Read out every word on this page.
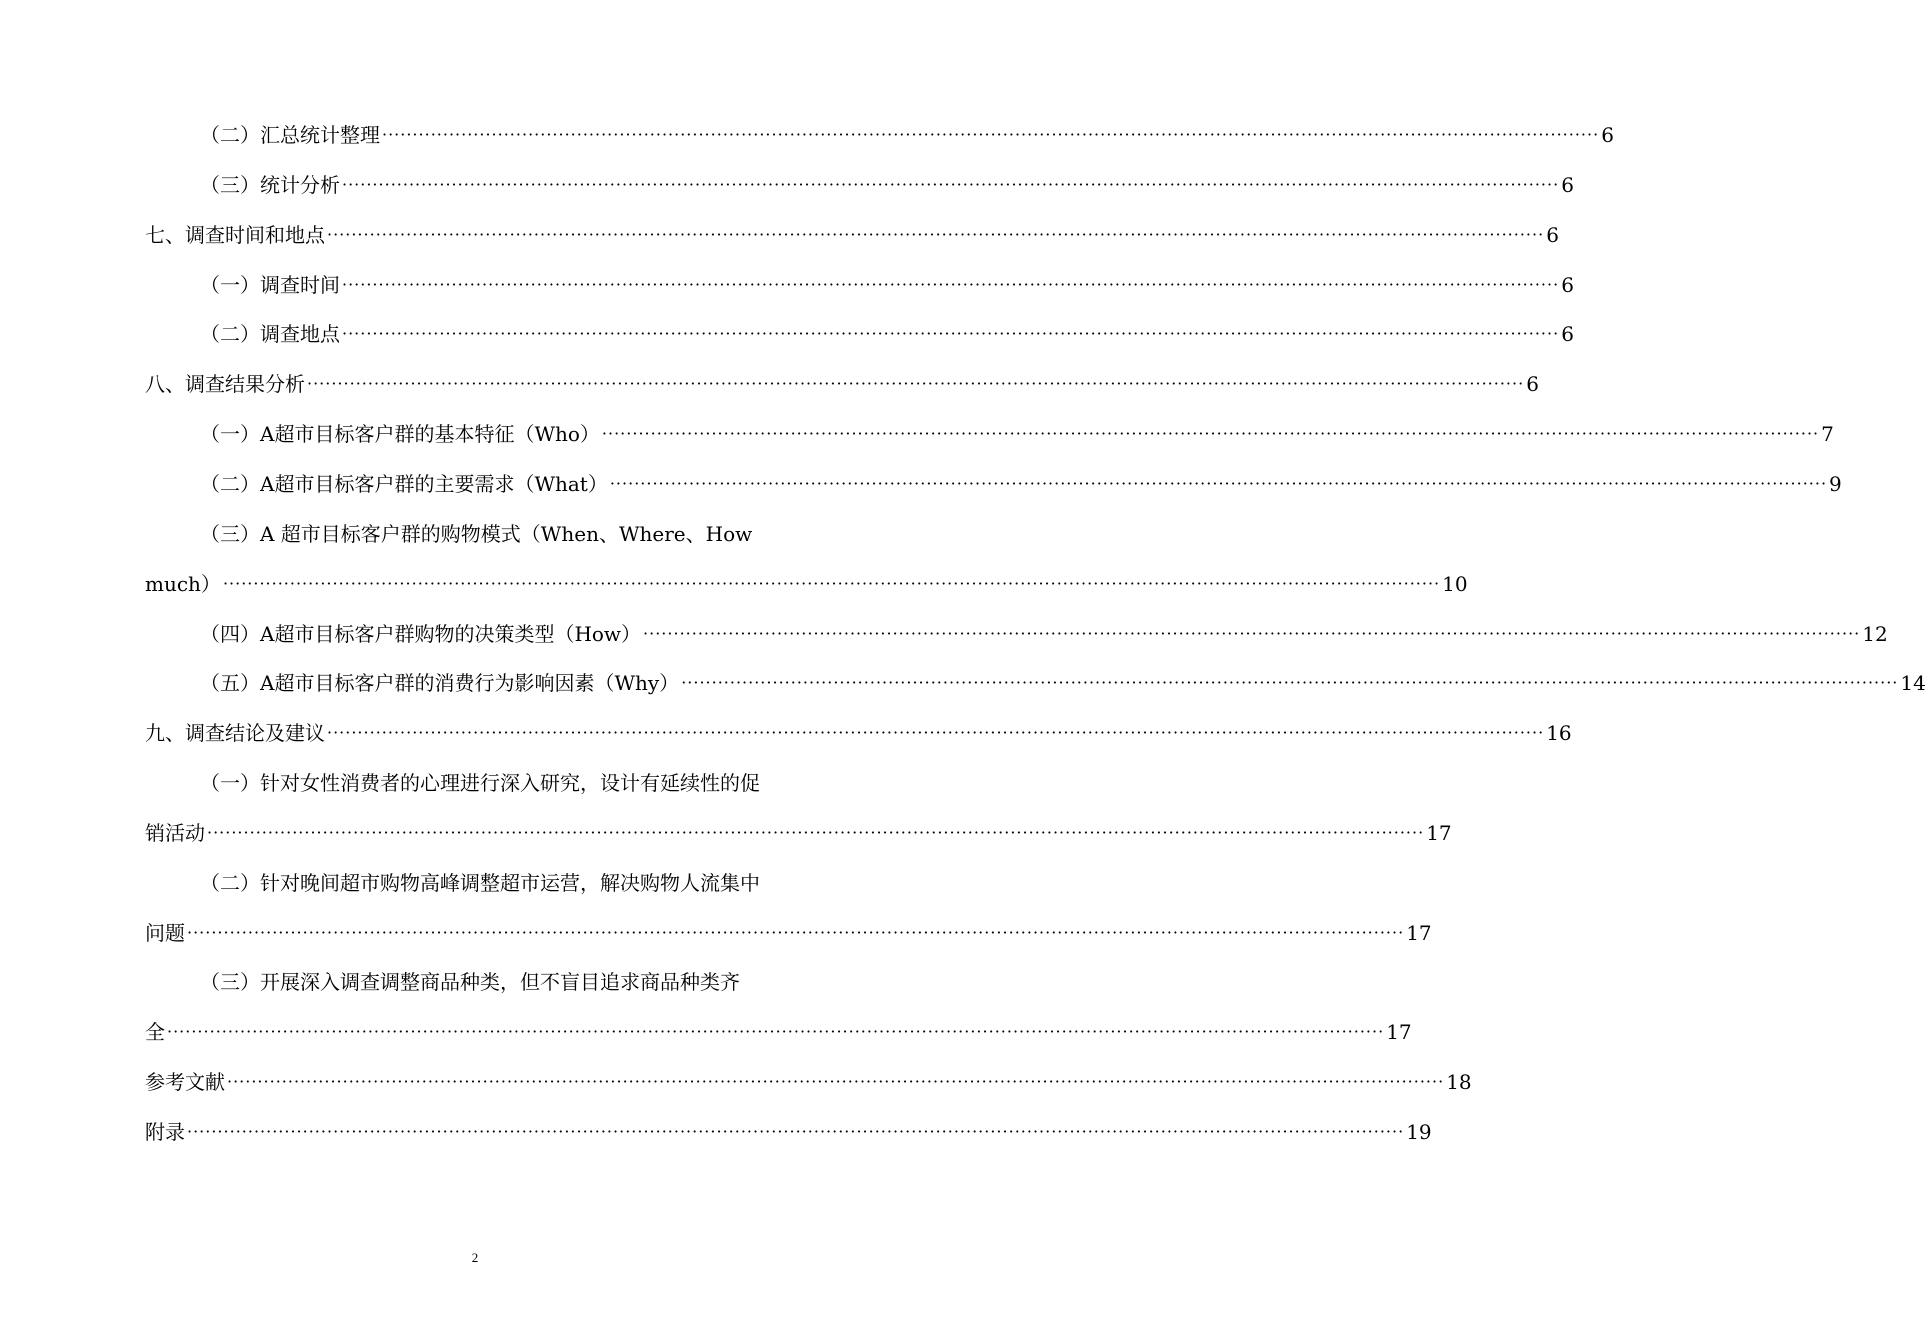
（二）汇总统计整理 ········································································································································································································ 6
（三）统计分析 ········································································································································································································ 6
七、调查时间和地点 ········································································································································································································ 6
（一）调查时间 ········································································································································································································ 6
（二）调查地点 ········································································································································································································ 6
八、调查结果分析 ········································································································································································································ 6
（一）A超市目标客户群的基本特征（Who） ········································································································································································································ 7
（二）A超市目标客户群的主要需求（What） ········································································································································································································ 9
（三）A 超市目标客户群的购物模式（When、Where、How
much） ········································································································································································································ 10
（四）A超市目标客户群购物的决策类型（How） ········································································································································································································ 12
（五）A超市目标客户群的消费行为影响因素（Why） ········································································································································································································ 14
九、调查结论及建议 ········································································································································································································ 16
（一）针对女性消费者的心理进行深入研究，设计有延续性的促
销活动 ········································································································································································································ 17
（二）针对晚间超市购物高峰调整超市运营，解决购物人流集中
问题 ········································································································································································································ 17
（三）开展深入调查调整商品种类，但不盲目追求商品种类齐
全 ········································································································································································································ 17
参考文献 ········································································································································································································ 18
附录 ········································································································································································································ 19
2
